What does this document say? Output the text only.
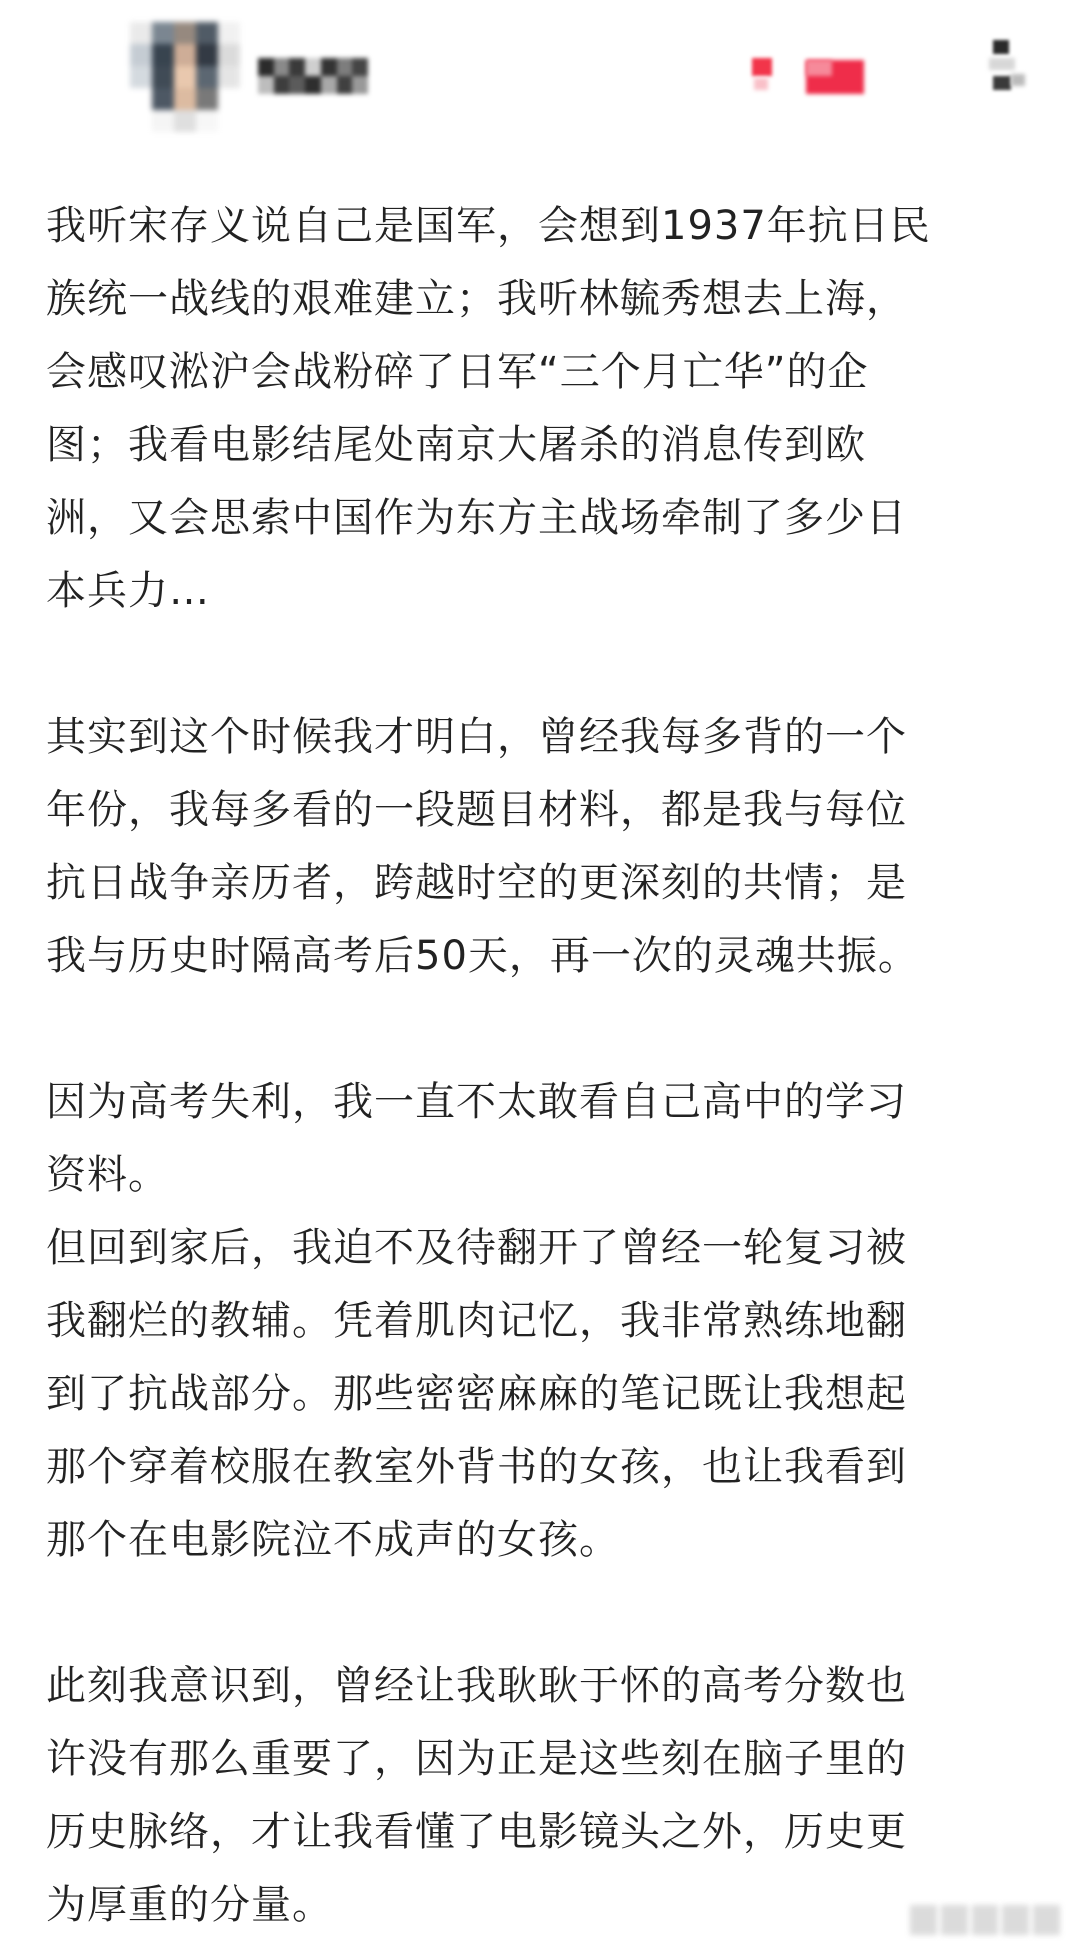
我听宋存义说自己是国军，会想到1937年抗日民
族统一战线的艰难建立；我听林毓秀想去上海，
会感叹淞沪会战粉碎了日军“三个月亡华”的企
图；我看电影结尾处南京大屠杀的消息传到欧
洲，又会思索中国作为东方主战场牵制了多少日
本兵力…

其实到这个时候我才明白，曾经我每多背的一个
年份，我每多看的一段题目材料，都是我与每位
抗日战争亲历者，跨越时空的更深刻的共情；是
我与历史时隔高考后50天，再一次的灵魂共振。

因为高考失利，我一直不太敢看自己高中的学习
资料。

但回到家后，我迫不及待翻开了曾经一轮复习被
我翻烂的教辅。凭着肌肉记忆，我非常熟练地翻
到了抗战部分。那些密密麻麻的笔记既让我想起
那个穿着校服在教室外背书的女孩，也让我看到
那个在电影院泣不成声的女孩。

此刻我意识到，曾经让我耿耿于怀的高考分数也
许没有那么重要了，因为正是这些刻在脑子里的
历史脉络，才让我看懂了电影镜头之外，历史更
为厚重的分量。
